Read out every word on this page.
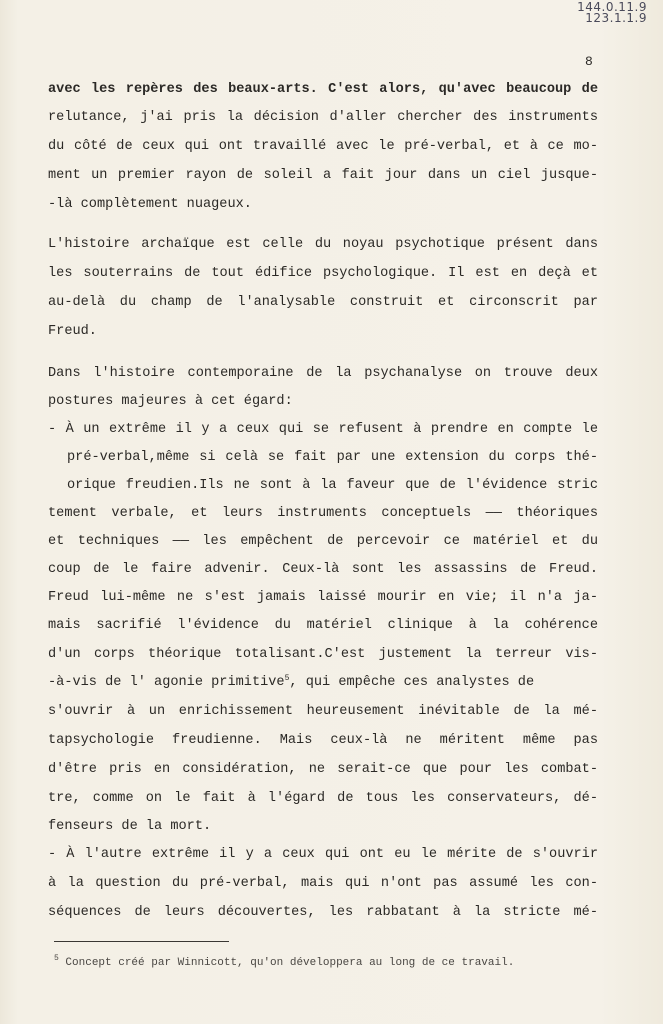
144.0.11.9
123.1.1.9
8
avec les repères des beaux-arts. C'est alors, qu'avec beaucoup de
relutance, j'ai pris la décision d'aller chercher des instruments
du côté de ceux qui ont travaillé avec le pré-verbal, et à ce mo-
ment un premier rayon de soleil a fait jour dans un ciel jusque-
-là complètement nuageux.
L'histoire archaïque est celle du noyau psychotique présent dans
les souterrains de tout édifice psychologique. Il est en deçà et
au-delà du champ de l'analysable construit et circonscrit par
Freud.
Dans l'histoire contemporaine de la psychanalyse on trouve deux
postures majeures à cet égard:
- À un extrême il y a ceux qui se refusent à prendre en compte le
pré-verbal,même si celà se fait par une extension du corps thé-
orique freudien.Ils ne sont à la faveur que de l'évidence stric
tement verbale, et leurs instruments conceptuels —— théoriques
et techniques —— les empêchent de percevoir ce matériel et du
coup de le faire advenir. Ceux-là sont les assassins de Freud.
Freud lui-même ne s'est jamais laissé mourir en vie; il n'a ja-
mais sacrifié l'évidence du matériel clinique à la cohérence
d'un corps théorique totalisant.C'est justement la terreur vis-
-à-vis de l' agonie primitive$^5$, qui empêche ces analystes de
s'ouvrir à un enrichissement heureusement inévitable de la mé-
tapsychologie freudienne. Mais ceux-là ne méritent même pas
d'être pris en considération, ne serait-ce que pour les combat-
tre, comme on le fait à l'égard de tous les conservateurs, dé-
fenseurs de la mort.
- À l'autre extrême il y a ceux qui ont eu le mérite de s'ouvrir
à la question du pré-verbal, mais qui n'ont pas assumé les con-
séquences de leurs découvertes, les rabbatant à la stricte mé-
$^5$ Concept créé par Winnicott, qu'on développera au long de ce travail.
